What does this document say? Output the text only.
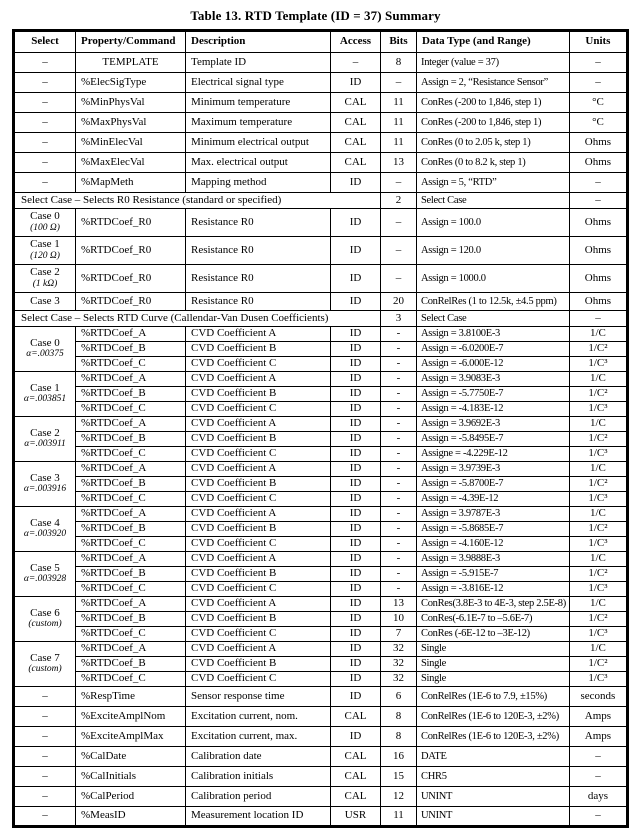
Table 13. RTD Template (ID = 37) Summary
Select	Property/Command	Description	Access	Bits	Data Type (and Range)	Units
–	TEMPLATE	Template ID	–	8	Integer (value = 37)	–
–	%ElecSigType	Electrical signal type	ID	–	Assign = 2, “Resistance Sensor”	–
–	%MinPhysVal	Minimum temperature	CAL	11	ConRes (-200 to 1,846, step 1)	°C
–	%MaxPhysVal	Maximum temperature	CAL	11	ConRes (-200 to 1,846, step 1)	°C
–	%MinElecVal	Minimum electrical output	CAL	11	ConRes (0 to 2.05 k, step 1)	Ohms
–	%MaxElecVal	Max. electrical output	CAL	13	ConRes (0 to 8.2 k, step 1)	Ohms
–	%MapMeth	Mapping method	ID	–	Assign = 5, “RTD”	–
Select Case – Selects R0 Resistance (standard or specified)				2	Select Case	–

Case 0
(100 Ω)	%RTDCoef_R0	Resistance R0	ID	–	Assign = 100.0	Ohms

Case 1
(120 Ω)	%RTDCoef_R0	Resistance R0	ID	–	Assign = 120.0	Ohms

Case 2
(1 kΩ)	%RTDCoef_R0	Resistance R0	ID	–	Assign = 1000.0	Ohms

Case 3	%RTDCoef_R0	Resistance R0	ID	20	ConRelRes (1 to 12.5k, ±4.5 ppm)	Ohms
Select Case – Selects RTD Curve (Callendar-Van Dusen Coefficients)				3	Select Case	–

Case 0
α=.00375	%RTDCoef_A	CVD Coefficient A	ID	-	Assign = 3.8100E-3	1/C
	%RTDCoef_B	CVD Coefficient B	ID	-	Assign = -6.0200E-7	1/C²
	%RTDCoef_C	CVD Coefficient C	ID	-	Assign = -6.000E-12	1/C³

Case 1
α=.003851	%RTDCoef_A	CVD Coefficient A	ID	-	Assign = 3.9083E-3	1/C
	%RTDCoef_B	CVD Coefficient B	ID	-	Assign = -5.7750E-7	1/C²
	%RTDCoef_C	CVD Coefficient C	ID	-	Assign = -4.183E-12	1/C³

Case 2
α=.003911	%RTDCoef_A	CVD Coefficient A	ID	-	Assign = 3.9692E-3	1/C
	%RTDCoef_B	CVD Coefficient B	ID	-	Assign = -5.8495E-7	1/C²
	%RTDCoef_C	CVD Coefficient C	ID	-	Assigne = -4.229E-12	1/C³

Case 3
α=.003916	%RTDCoef_A	CVD Coefficient A	ID	-	Assign = 3.9739E-3	1/C
	%RTDCoef_B	CVD Coefficient B	ID	-	Assign = -5.8700E-7	1/C²
	%RTDCoef_C	CVD Coefficient C	ID	-	Assign = -4.39E-12	1/C³

Case 4
α=.003920	%RTDCoef_A	CVD Coefficient A	ID	-	Assign = 3.9787E-3	1/C
	%RTDCoef_B	CVD Coefficient B	ID	-	Assign = -5.8685E-7	1/C²
	%RTDCoef_C	CVD Coefficient C	ID	-	Assign = -4.160E-12	1/C³

Case 5
α=.003928	%RTDCoef_A	CVD Coefficient A	ID	-	Assign = 3.9888E-3	1/C
	%RTDCoef_B	CVD Coefficient B	ID	-	Assign = -5.915E-7	1/C²
	%RTDCoef_C	CVD Coefficient C	ID	-	Assign = -3.816E-12	1/C³

Case 6
(custom)	%RTDCoef_A	CVD Coefficient A	ID	13	ConRes(3.8E-3 to 4E-3, step 2.5E-8)	1/C
	%RTDCoef_B	CVD Coefficient B	ID	10	ConRes(-6.1E-7 to –5.6E-7)	1/C²
	%RTDCoef_C	CVD Coefficient C	ID	7	ConRes (-6E-12 to –3E-12)	1/C³

Case 7
(custom)	%RTDCoef_A	CVD Coefficient A	ID	32	Single	1/C
	%RTDCoef_B	CVD Coefficient B	ID	32	Single	1/C²
	%RTDCoef_C	CVD Coefficient C	ID	32	Single	1/C³
–	%RespTime	Sensor response time	ID	6	ConRelRes (1E-6 to 7.9, ±15%)	seconds
–	%ExciteAmplNom	Excitation current, nom.	CAL	8	ConRelRes (1E-6 to 120E-3, ±2%)	Amps
–	%ExciteAmplMax	Excitation current, max.	ID	8	ConRelRes (1E-6 to 120E-3, ±2%)	Amps
–	%CalDate	Calibration date	CAL	16	DATE	–
–	%CalInitials	Calibration initials	CAL	15	CHR5	–
–	%CalPeriod	Calibration period	CAL	12	UNINT	days
–	%MeasID	Measurement location ID	USR	11	UNINT	–
